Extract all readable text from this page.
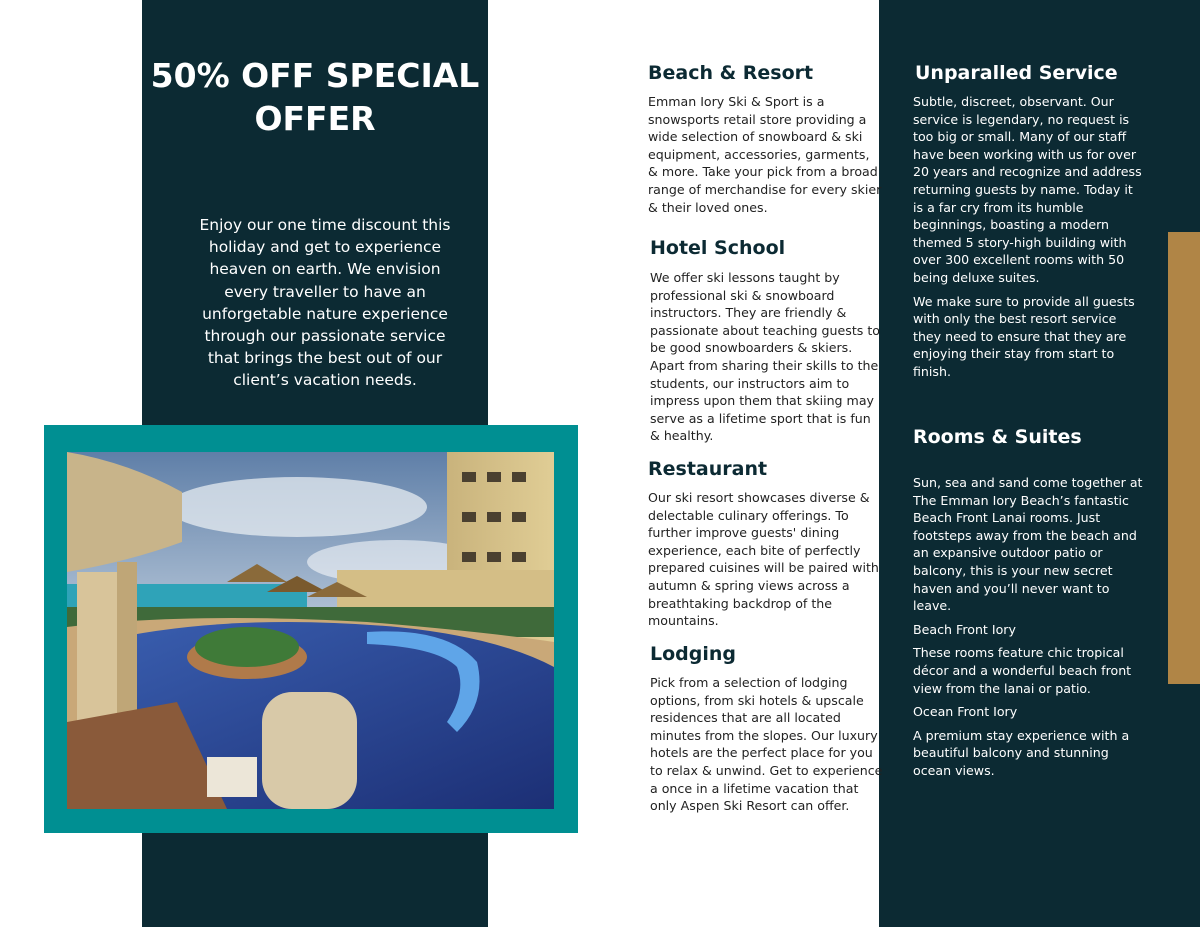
50% OFF SPECIAL OFFER
Enjoy our one time discount this holiday and get to experience heaven on earth. We envision every traveller to have an unforgetable nature experience through our passionate service that brings the best out of our client’s vacation needs.
Beach & Resort
Emman Iory Ski & Sport is a snowsports retail store providing a wide selection of snowboard & ski equipment, accessories, garments, & more. Take your pick from a broad range of merchandise for every skier & their loved ones.
Hotel School
We offer ski lessons taught by professional ski & snowboard instructors. They are friendly & passionate about teaching guests to be good snowboarders & skiers. Apart from sharing their skills to the students, our instructors aim to impress upon them that skiing may serve as a lifetime sport that is fun & healthy.
Restaurant
Our ski resort showcases diverse & delectable culinary offerings. To further improve guests' dining experience, each bite of perfectly prepared cuisines will be paired with autumn & spring views across a breathtaking backdrop of the mountains.
Lodging
Pick from a selection of lodging options, from ski hotels & upscale residences that are all located minutes from the slopes. Our luxury hotels are the perfect place for you to relax & unwind. Get to experience a once in a lifetime vacation that only Aspen Ski Resort can offer.
Unparalled Service

Subtle, discreet, observant. Our service is legendary, no request is too big or small. Many of our staff have been working with us for over 20 years and recognize and address returning guests by name. Today it is a far cry from its humble beginnings, boasting a modern themed 5 story-high building with over 300 excellent rooms with 50 being deluxe suites.

We make sure to provide all guests with only the best resort service they need to ensure that they are enjoying their stay from start to finish.

Rooms & Suites

Sun, sea and sand come together at The Emman Iory Beach’s fantastic Beach Front Lanai rooms. Just footsteps away from the beach and an expansive outdoor patio or balcony, this is your new secret haven and you’ll never want to leave.

Beach Front Iory

These rooms feature chic tropical décor and a wonderful beach front view from the lanai or patio.

Ocean Front Iory

A premium stay experience with a beautiful balcony and stunning ocean views.
